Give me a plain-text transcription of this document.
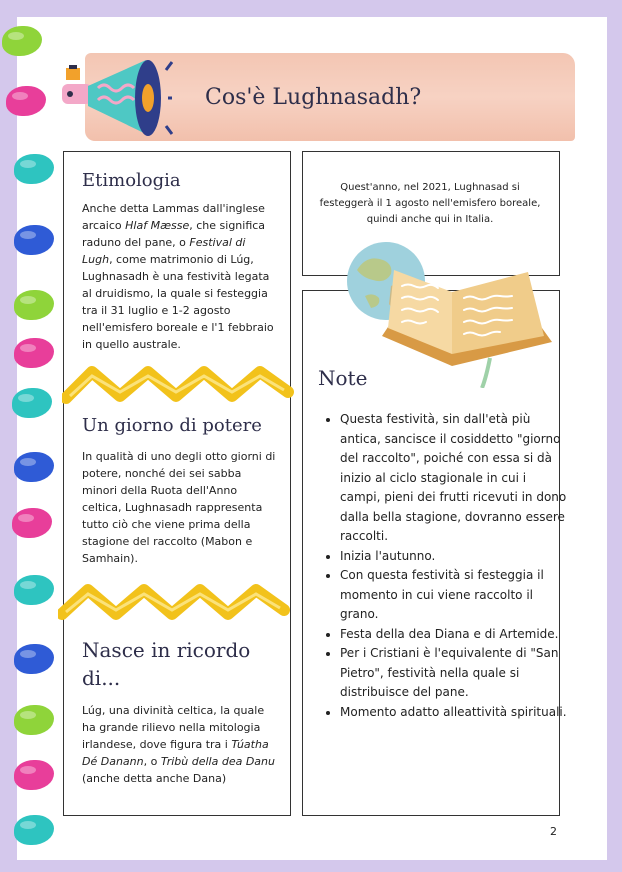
Cos'è Lughnasadh?
Etimologia
Anche detta Lammas dall'inglese
arcaico Hlaf Mæsse, che significa
raduno del pane, o Festival di
Lugh, come matrimonio di Lúg,
Lughnasadh è una festività legata
al druidismo, la quale si festeggia
tra il 31 luglio e 1-2 agosto
nell'emisfero boreale e l'1 febbraio
in quello australe.
Un giorno di potere
In qualità di uno degli otto giorni di
potere, nonché dei sei sabba
minori della Ruota dell'Anno
celtica, Lughnasadh rappresenta
tutto ciò che viene prima della
stagione del raccolto (Mabon e
Samhain).
Nasce in ricordo
di...
Lúg, una divinità celtica, la quale
ha grande rilievo nella mitologia
irlandese, dove figura tra i Túatha
Dé Danann, o Tribù della dea Danu
(anche detta anche Dana)
Quest'anno, nel 2021, Lughnasad si
festeggerà il 1 agosto nell'emisfero boreale,
quindi anche qui in Italia.
Note
• Questa festività, sin dall'età più antica, sancisce il cosiddetto "giorno del raccolto", poiché con essa si dà inizio al ciclo stagionale in cui i campi, pieni dei frutti ricevuti in dono dalla bella stagione, dovranno essere raccolti.
• Inizia l'autunno.
• Con questa festività si festeggia il momento in cui viene raccolto il grano.
• Festa della dea Diana e di Artemide.
• Per i Cristiani è l'equivalente di "San Pietro", festività nella quale si distribuisce del pane.
• Momento adatto alleattività spirituali.
2
